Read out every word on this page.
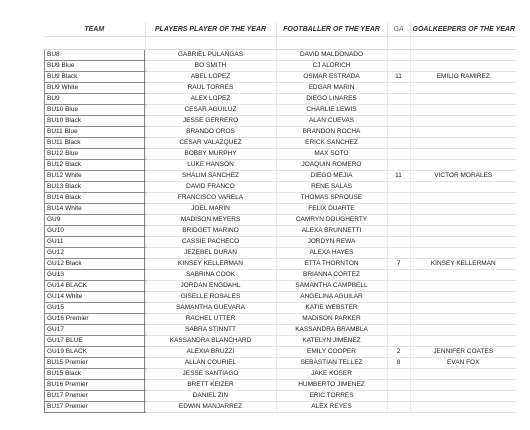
TEAM	PLAYERS PLAYER OF THE YEAR	FOOTBALLER OF THE YEAR	GA	GOALKEEPERS OF THE YEAR

BU8	GABRIEL PULANGAS	DAVID MALDONADO		
BU9 Blue	BO SMITH	CJ ALDRICH		
BU9 Black	ABEL LOPEZ	OSMAR ESTRADA	11	EMILIO RAMIREZ
BU9 White	RAUL TORRES	EDGAR MARIN		
BU9	ALEX LOPEZ	DIEGO LINARES		
BU10 Blue	CESAR AGUILUZ	CHARLIE LEWIS		
BU10 Black	JESSE GERRERO	ALAN CUEVAS		
BU11 Blue	BRANDO OROS	BRANDON ROCHA		
BU11 Black	CESAR VALAZQUEZ	ERICK SANCHEZ		
BU12 Blue	BOBBY MURPHY	MAX SOTO		
BU12 Black	LUKE HANSON	JOAQUIN ROMERO		
BU12 White	SHALIM SANCHEZ	DIEGO MEJIA	11	VICTOR MORALES
BU13 Black	DAVID FRANCO	RENE SALAS		
BU14 Black	FRANCISCO VARELA	THOMAS SPROUSE		
BU14 White	JOEL MARIN	FELIX DUARTE		
GU9	MADISON MEYERS	CAMRYN DOUGHERTY		
GU10	BRIDGET MARINO	ALEXA BRUNNETTI		
GU11	CASSIE PACHECO	JORDYN REWA		
GU12	JEZEBEL DURAN	ALEXA HAYES		
GU12 Black	KINSEY KELLERMAN	ETTA THORNTON	7	KINSEY KELLERMAN
GU13	SABRINA COOK	BRIANNA CORTEZ		
GU14 BLACK	JORDAN ENGDAHL	SAMANTHA CAMPBELL		
GU14 White	GISELLE ROSALES	ANGELINA AGUILAR		
GU15	SAMANTHA GUEVARA	KATIE WEBSTER		
GU16 Premier	RACHEL UTTER	MADISON PARKER		
GU17	SABRA STINNTT	KASSANDRA BRAMBLA		
GU17 BLUE	KASSANDRA BLANCHARD	KATELYN JIMENEZ		
GU19 BLACK	ALEXIA BRUZZI	EMILY COOPER	2	JENNIFER COATES
BU15 Premier	ALLAN COURIEL	SEBASTIAN TELLEZ	8	EVAN FOX
BU15 Black	JESSE SANTIAGO	JAKE KOSER		
BU16 Premier	BRETT KEIZER	HUMBERTO JIMENEZ		
BU17 Premier	DANIEL ZIN	ERIC TORRES		
BU17 Premier	EDWIN MANJARREZ	ALEX REYES		
